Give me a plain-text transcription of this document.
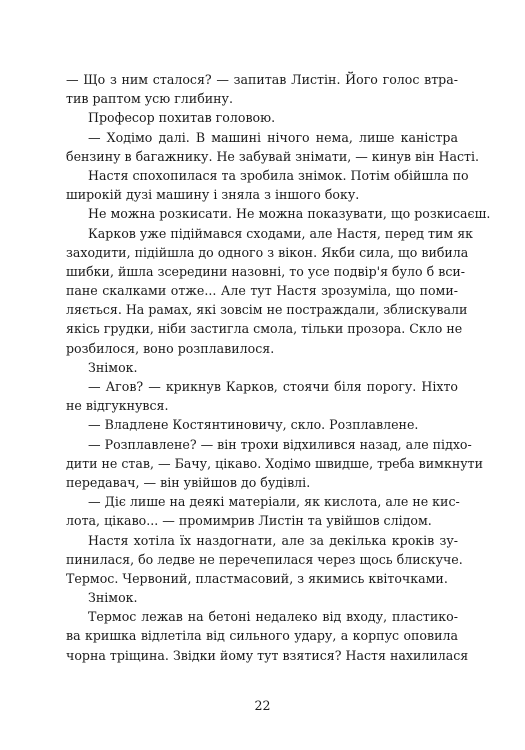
— Що з ним сталося? — запитав Листін. Його голос втра-
тив раптом усю глибину.
Професор похитав головою.
— Ходімо далі. В машині нічого нема, лише каністра
бензину в багажнику. Не забувай знімати, — кинув він Насті.
Настя спохопилася та зробила знімок. Потім обійшла по
широкій дузі машину і зняла з іншого боку.
Не можна розкисати. Не можна показувати, що розкисаєш.
Карков уже підіймався сходами, але Настя, перед тим як
заходити, підійшла до одного з вікон. Якби сила, що вибила
шибки, йшла зсередини назовні, то усе подвір'я було б вси-
пане скалками отже... Але тут Настя зрозуміла, що поми-
ляється. На рамах, які зовсім не постраждали, зблискували
якісь грудки, ніби застигла смола, тільки прозора. Скло не
розбилося, воно розплавилося.
Знімок.
— Агов? — крикнув Карков, стоячи біля порогу. Ніхто
не відгукнувся.
— Владлене Костянтиновичу, скло. Розплавлене.
— Розплавлене? — він трохи відхилився назад, але підхо-
дити не став, — Бачу, цікаво. Ходімо швидше, треба вимкнути
передавач, — він увійшов до будівлі.
— Діє лише на деякі матеріали, як кислота, але не кис-
лота, цікаво... — промимрив Листін та увійшов слідом.
Настя хотіла їх наздогнати, але за декілька кроків зу-
пинилася, бо ледве не перечепилася через щось блискуче.
Термос. Червоний, пластмасовий, з якимись квіточками.
Знімок.
Термос лежав на бетоні недалеко від входу, пластико-
ва кришка відлетіла від сильного удару, а корпус оповила
чорна тріщина. Звідки йому тут взятися? Настя нахилилася
22
